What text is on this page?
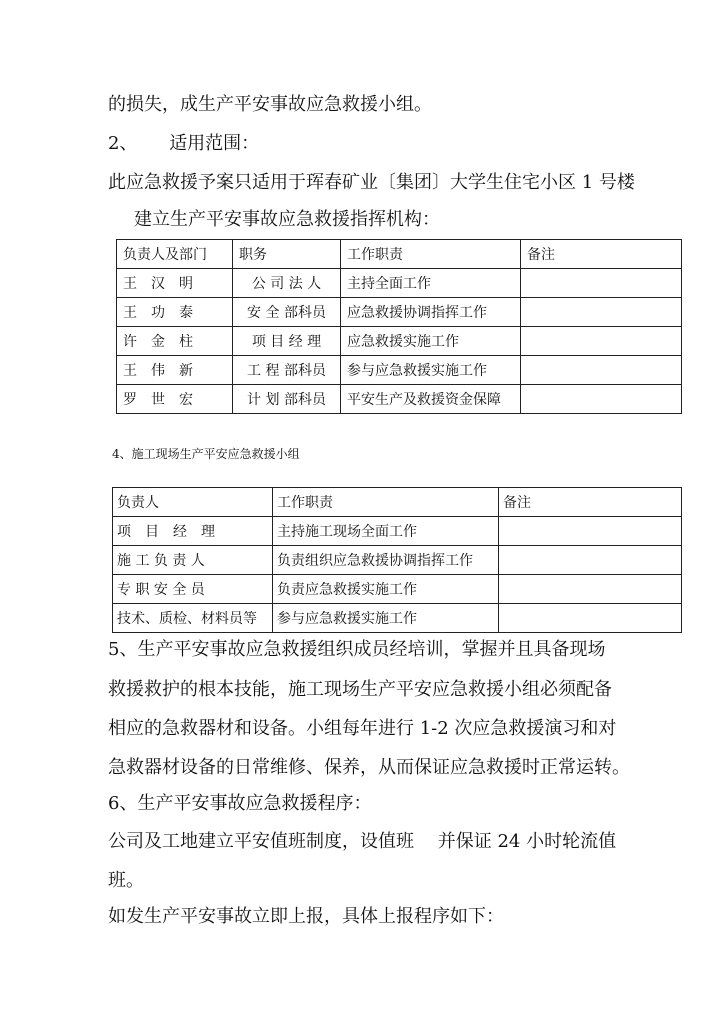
的损失，成生产平安事故应急救援小组。
2、 适用范围：
此应急救援予案只适用于珲春矿业〔集团〕大学生住宅小区 1 号楼
建立生产平安事故应急救援指挥机构：
负责人及部门	职务	工作职责	备注
王　汉　明	公 司 法 人	主持全面工作	
王　功　泰	安 全 部科员	应急救援协调指挥工作	
许　金　柱	项 目 经 理	应急救援实施工作	
王　伟　新	工 程 部科员	参与应急救援实施工作	
罗　世　宏	计 划 部科员	平安生产及救援资金保障	
4、施工现场生产平安应急救援小组
负责人	工作职责	备注
项　目　经　理	主持施工现场全面工作	
施 工 负 责 人	负责组织应急救援协调指挥工作	
专 职 安 全 员	负责应急救援实施工作	
技术、质检、材料员等	参与应急救援实施工作	
5、生产平安事故应急救援组织成员经培训，掌握并且具备现场
救援救护的根本技能，施工现场生产平安应急救援小组必须配备
相应的急救器材和设备。小组每年进行 1-2 次应急救援演习和对
急救器材设备的日常维修、保养，从而保证应急救援时正常运转。
6、生产平安事故应急救援程序：
公司及工地建立平安值班制度，设值班　 并保证 24 小时轮流值
班。
如发生产平安事故立即上报，具体上报程序如下：
